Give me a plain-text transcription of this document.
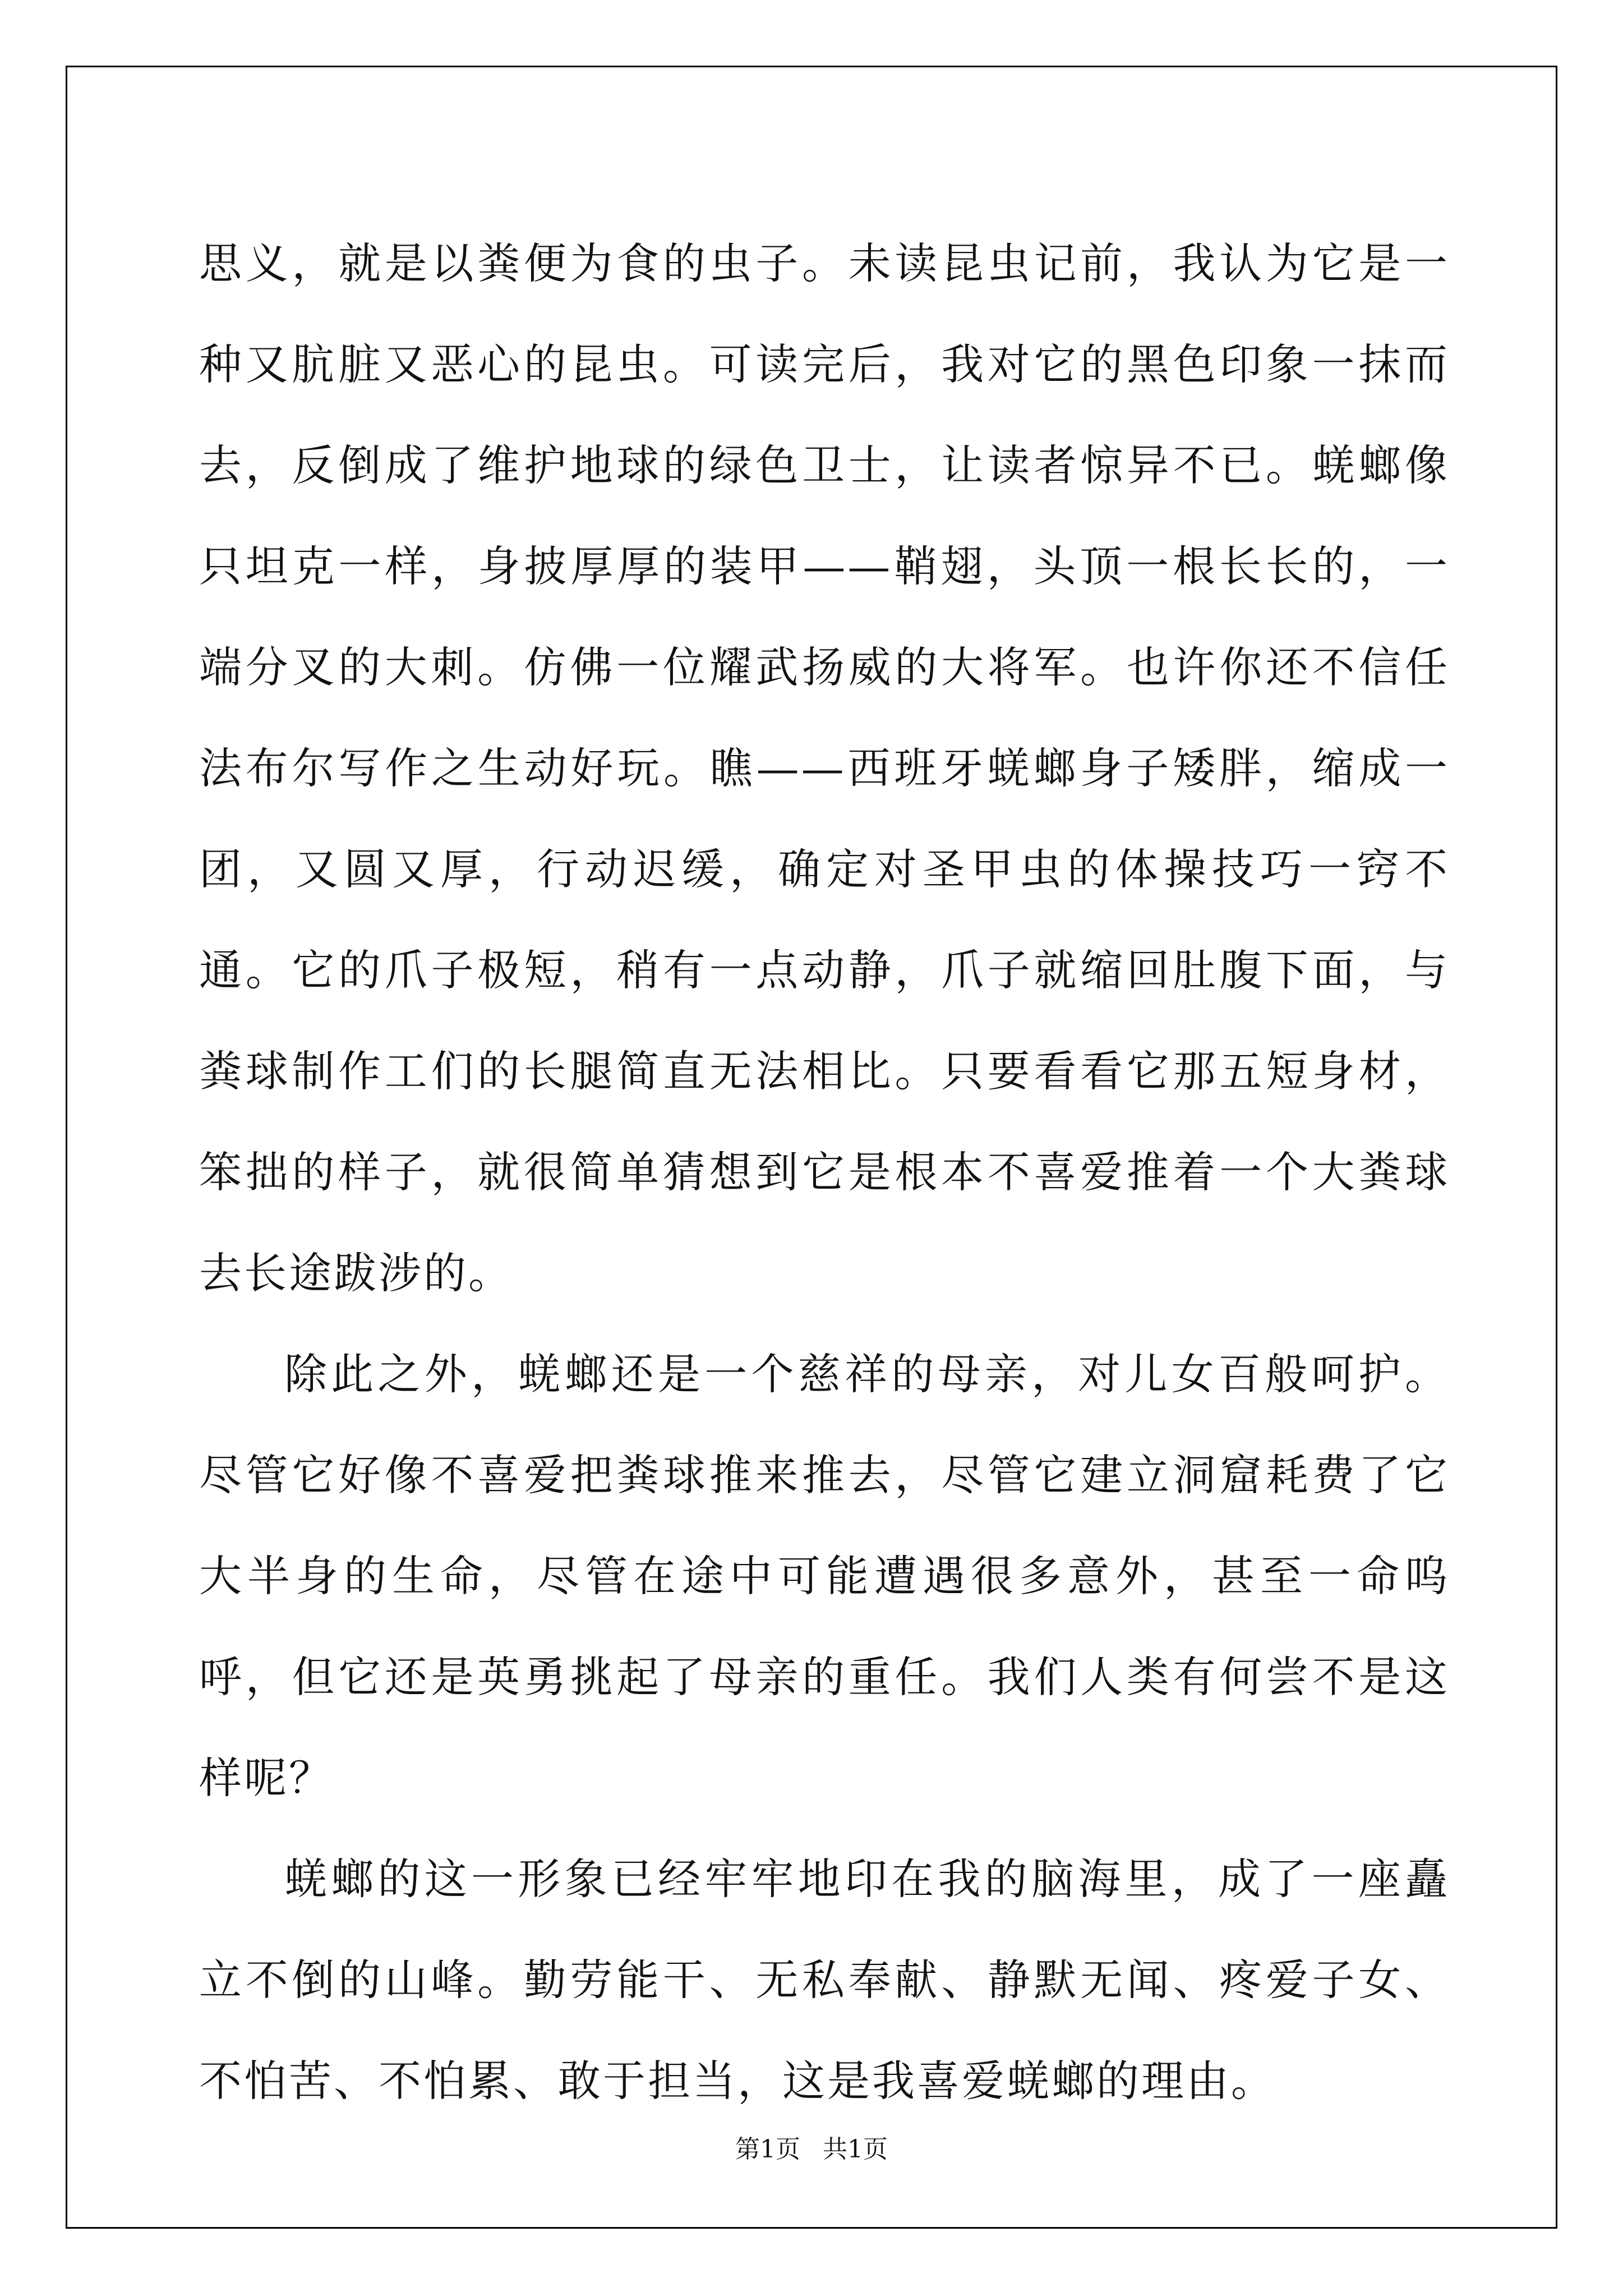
思义，就是以粪便为食的虫子。未读昆虫记前，我认为它是一种又肮脏又恶心的昆虫。可读完后，我对它的黑色印象一抹而去，反倒成了维护地球的绿色卫士，让读者惊异不已。蜣螂像只坦克一样，身披厚厚的装甲——鞘翅，头顶一根长长的，一端分叉的大刺。仿佛一位耀武扬威的大将军。也许你还不信任法布尔写作之生动好玩。瞧——西班牙蜣螂身子矮胖，缩成一团，又圆又厚，行动迟缓，确定对圣甲虫的体操技巧一窍不通。它的爪子极短，稍有一点动静，爪子就缩回肚腹下面，与粪球制作工们的长腿简直无法相比。只要看看它那五短身材，笨拙的样子，就很简单猜想到它是根本不喜爱推着一个大粪球去长途跋涉的。

除此之外，蜣螂还是一个慈祥的母亲，对儿女百般呵护。尽管它好像不喜爱把粪球推来推去，尽管它建立洞窟耗费了它大半身的生命，尽管在途中可能遭遇很多意外，甚至一命呜呼，但它还是英勇挑起了母亲的重任。我们人类有何尝不是这样呢？

蜣螂的这一形象已经牢牢地印在我的脑海里，成了一座矗立不倒的山峰。勤劳能干、无私奉献、静默无闻、疼爱子女、不怕苦、不怕累、敢于担当，这是我喜爱蜣螂的理由。

第1页 共1页
